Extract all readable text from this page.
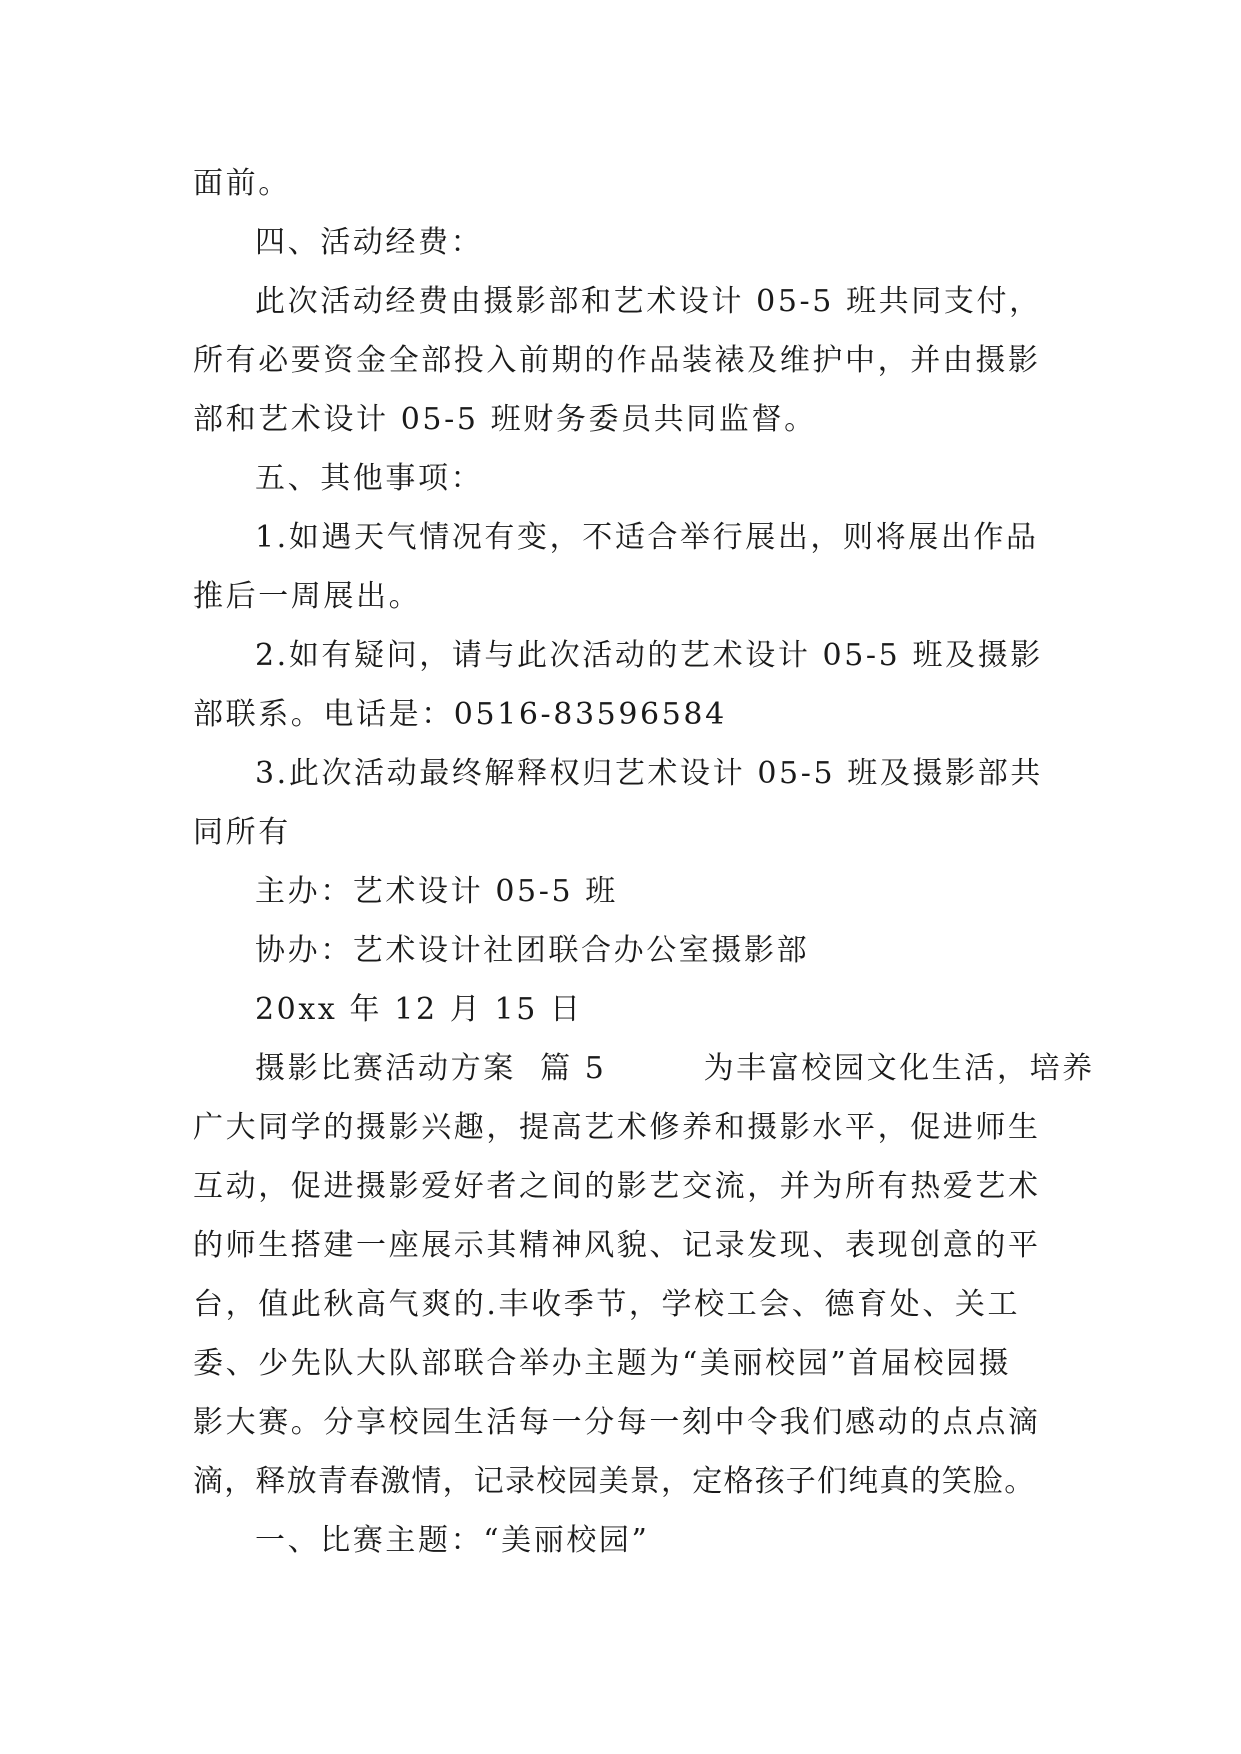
面前。
四、活动经费：
此次活动经费由摄影部和艺术设计 05-5 班共同支付，
所有必要资金全部投入前期的作品装裱及维护中，并由摄影
部和艺术设计 05-5 班财务委员共同监督。
五、其他事项：
1.如遇天气情况有变，不适合举行展出，则将展出作品
推后一周展出。
2.如有疑问，请与此次活动的艺术设计 05-5 班及摄影
部联系。电话是：0516-83596584
3.此次活动最终解释权归艺术设计 05-5 班及摄影部共
同所有
主办：艺术设计 05-5 班
协办：艺术设计社团联合办公室摄影部
20xx 年 12 月 15 日
摄影比赛活动方案  篇 5        为丰富校园文化生活，培养
广大同学的摄影兴趣，提高艺术修养和摄影水平，促进师生
互动，促进摄影爱好者之间的影艺交流，并为所有热爱艺术
的师生搭建一座展示其精神风貌、记录发现、表现创意的平
台，值此秋高气爽的.丰收季节，学校工会、德育处、关工
委、少先队大队部联合举办主题为“美丽校园”首届校园摄
影大赛。分享校园生活每一分每一刻中令我们感动的点点滴
滴，释放青春激情，记录校园美景，定格孩子们纯真的笑脸。
一、比赛主题：“美丽校园”
